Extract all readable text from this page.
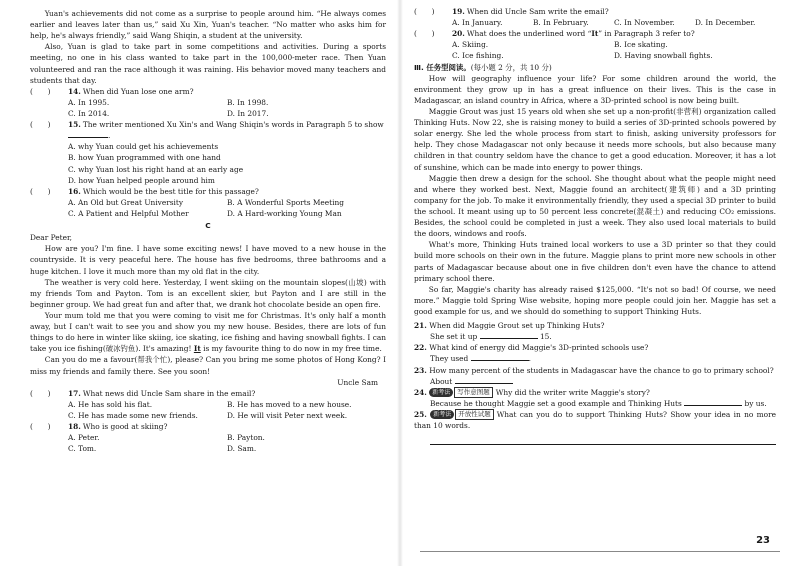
Yuan's achievements did not come as a surprise to people around him. “He always comes earlier and leaves later than us,” said Xu Xin, Yuan's teacher. “No matter who asks him for help, he's always friendly,” said Wang Shiqin, a student at the university.

Also, Yuan is glad to take part in some competitions and activities. During a sports meeting, no one in his class wanted to take part in the 100,000-meter race. Then Yuan volunteered and ran the race although it was raining. His behavior moved many teachers and students that day.

(　　)	14. When did Yuan lose one arm?
A. In 1995.	B. In 1998.
C. In 2014.	D. In 2017.
(　　)	15. The writer mentioned Xu Xin's and Wang Shiqin's words in Paragraph 5 to show .
A. why Yuan could get his achievements
B. how Yuan programmed with one hand
C. why Yuan lost his right hand at an early age
D. how Yuan helped people around him
(　　)	16. Which would be the best title for this passage?
A. An Old but Great University	B. A Wonderful Sports Meeting
C. A Patient and Helpful Mother	D. A Hard-working Young Man
C

Dear Peter,

How are you? I'm fine. I have some exciting news! I have moved to a new house in the countryside. It is very peaceful here. The house has five bedrooms, three bathrooms and a huge kitchen. I love it much more than my old flat in the city.

The weather is very cold here. Yesterday, I went skiing on the mountain slopes(山坡) with my friends Tom and Payton. Tom is an excellent skier, but Payton and I are still in the beginner group. We had great fun and after that, we drank hot chocolate beside an open fire.

Your mum told me that you were coming to visit me for Christmas. It's only half a month away, but I can't wait to see you and show you my new house. Besides, there are lots of fun things to do here in winter like skiing, ice skating, ice fishing and having snowball fights. I can take you ice fishing(破冰钓鱼). It's amazing! It is my favourite thing to do now in my free time.

Can you do me a favour(帮我个忙), please? Can you bring me some photos of Hong Kong? I miss my friends and family there. See you soon!

Uncle Sam

(　　)	17. What news did Uncle Sam share in the email?
A. He has sold his flat.	B. He has moved to a new house.
C. He has made some new friends.	D. He will visit Peter next week.
(　　)	18. Who is good at skiing?
A. Peter.	B. Payton.
C. Tom.	D. Sam.
(　　)	19. When did Uncle Sam write the email?
A. In January.	B. In February.	C. In November.	D. In December.
(　　)	20. What does the underlined word “It” in Paragraph 3 refer to?
A. Skiing.	B. Ice skating.
C. Ice fishing.	D. Having snowball fights.

Ⅲ. 任务型阅读。(每小题 2 分，共 10 分)

How will geography influence your life? For some children around the world, the environment they grow up in has a great influence on their lives. This is the case in Madagascar, an island country in Africa, where a 3D-printed school is now being built.

Maggie Grout was just 15 years old when she set up a non-profit(非营利) organization called Thinking Huts. Now 22, she is raising money to build a series of 3D-printed schools powered by solar energy. She led the whole process from start to finish, asking university professors for help. They chose Madagascar not only because it needs more schools, but also because many children in that country seldom have the chance to get a good education. Moreover, it has a lot of sunshine, which can be made into energy to power things.

Maggie then drew a design for the school. She thought about what the people might need and where they worked best. Next, Maggie found an architect(建筑师) and a 3D printing company for the job. To make it environmentally friendly, they used a special 3D printer to build the school. It meant using up to 50 percent less concrete(混凝土) and reducing CO₂ emissions. Besides, the school could be completed in just a week. They also used local materials to build the doors, windows and roofs.

What's more, Thinking Huts trained local workers to use a 3D printer so that they could build more schools on their own in the future. Maggie plans to print more new schools in other parts of Madagascar because about one in five children don't even have the chance to attend primary school there.

So far, Maggie's charity has already raised $125,000. “It's not so bad! Of course, we need more.” Maggie told Spring Wise website, hoping more people could join her. Maggie has set a good example for us, and we should do something to support Thinking Huts.

21. When did Maggie Grout set up Thinking Huts?

She set it up	15.

22. What kind of energy did Maggie's 3D-printed schools use?

They used	.

23. How many percent of the students in Madagascar have the chance to go to primary school?

About

24. 新考法 写作意图题 Why did the writer write Maggie's story?

Because he thought Maggie set a good example and Thinking Huts	by us.

25. 新考法 开放性试题 What can you do to support Thinking Huts? Show your idea in no more than 10 words.

23
